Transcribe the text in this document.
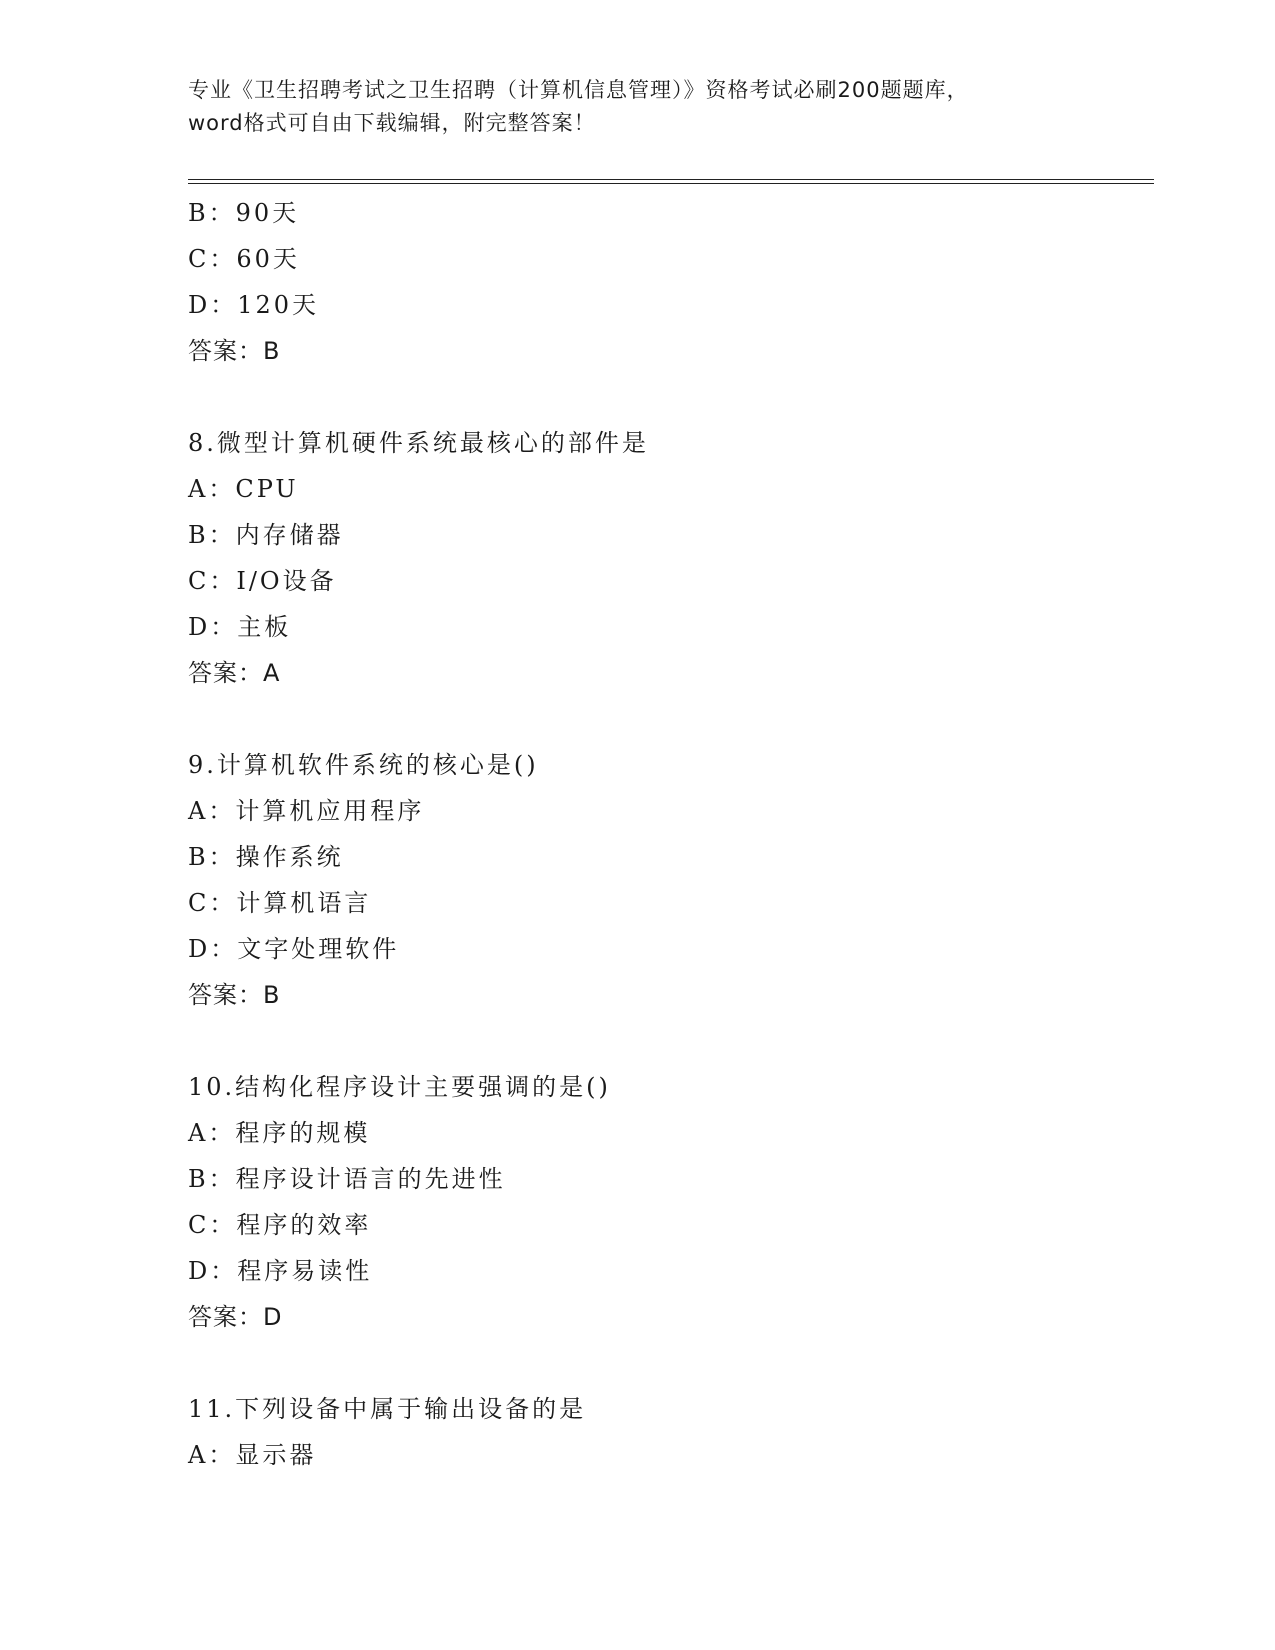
专业《卫生招聘考试之卫生招聘（计算机信息管理）》资格考试必刷200题题库，
word格式可自由下载编辑，附完整答案！
B：90天
C：60天
D：120天
答案：B
8.微型计算机硬件系统最核心的部件是
A：CPU
B：内存储器
C：I/O设备
D：主板
答案：A
9.计算机软件系统的核心是()
A：计算机应用程序
B：操作系统
C：计算机语言
D：文字处理软件
答案：B
10.结构化程序设计主要强调的是()
A：程序的规模
B：程序设计语言的先进性
C：程序的效率
D：程序易读性
答案：D
11.下列设备中属于输出设备的是
A：显示器
